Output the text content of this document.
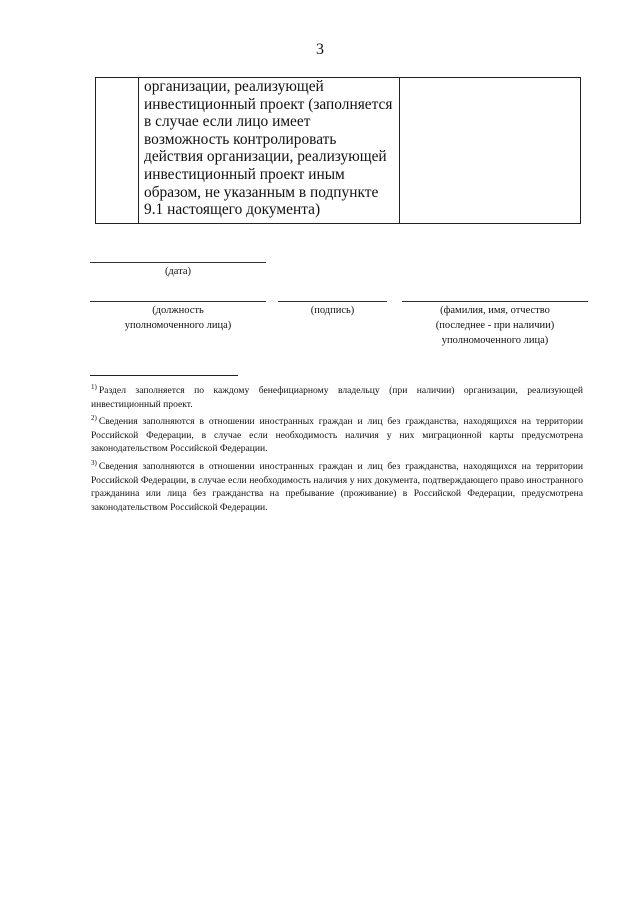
3
организации, реализующей
инвестиционный проект (заполняется
в случае если лицо имеет
возможность контролировать
действия организации, реализующей
инвестиционный проект иным
образом, не указанным в подпункте
9.1 настоящего документа)
(дата)
(должность
уполномоченного лица)
(подпись)	(фамилия, имя, отчество
(последнее - при наличии)
уполномоченного лица)
$^{1)}$ Раздел заполняется по каждому бенефициарному владельцу (при наличии) организации, реализующей инвестиционный проект.
$^{2)}$ Сведения заполняются в отношении иностранных граждан и лиц без гражданства, находящихся на территории Российской Федерации, в случае если необходимость наличия у них миграционной карты предусмотрена законодательством Российской Федерации.
$^{3)}$ Сведения заполняются в отношении иностранных граждан и лиц без гражданства, находящихся на территории Российской Федерации, в случае если необходимость наличия у них документа, подтверждающего право иностранного гражданина или лица без гражданства на пребывание (проживание) в Российской Федерации, предусмотрена законодательством Российской Федерации.
